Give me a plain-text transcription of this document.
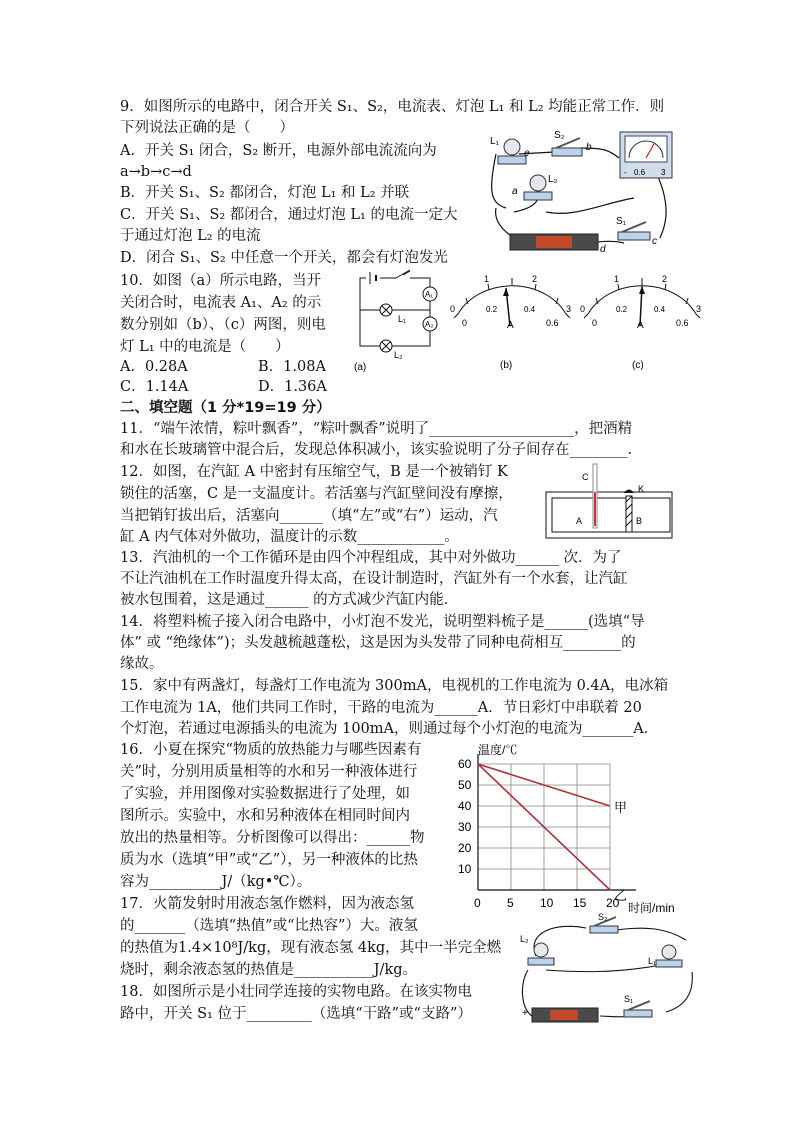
9．如图所示的电路中，闭合开关 S₁、S₂，电流表、灯泡 L₁ 和 L₂ 均能正常工作．则
下列说法正确的是（　　）
A．开关 S₁ 闭合，S₂ 断开，电源外部电流流向为
a→b→c→d
B．开关 S₁、S₂ 都闭合，灯泡 L₁ 和 L₂ 并联
C．开关 S₁、S₂ 都闭合，通过灯泡 L₁ 的电流一定大
于通过灯泡 L₂ 的电流
D．闭合 S₁、S₂ 中任意一个开关，都会有灯泡发光
L₁
e
S₂
b
- 0.6 3
a
L₂
S₁
c
d
10．如图（a）所示电路，当开
关闭合时，电流表 A₁、A₂ 的示
数分别如（b）、（c）两图，则电
灯 L₁ 中的电流是（　　）
A．0.28A	B．1.08A
C．1.14A	D．1.36A
A₁
A₂
L₁
L₂
(a)
0
1	2
3
0
0.2	0.4
0.6
A
(b)
0
1	2
3
0
0.2	0.4
0.6
A
(c)
二、填空题（1 分*19=19 分）
11．“端午浓情，粽叶飘香”，“粽叶飘香”说明了____________________，把酒精
和水在长玻璃管中混合后，发现总体积减小，该实验说明了分子间存在________.
12．如图，在汽缸 A 中密封有压缩空气，B 是一个被销钉 K
锁住的活塞，C 是一支温度计。若活塞与汽缸壁间没有摩擦，
当把销钉拔出后，活塞向______（填“左”或“右”）运动，汽
缸 A 内气体对外做功，温度计的示数____________。
C
K
A	B
13．汽油机的一个工作循环是由四个冲程组成，其中对外做功______ 次．为了
不让汽油机在工作时温度升得太高，在设计制造时，汽缸外有一个水套，让汽缸
被水包围着，这是通过______ 的方式减少汽缸内能．
14．将塑料梳子接入闭合电路中，小灯泡不发光，说明塑料梳子是______(选填“导
体” 或 “绝缘体”)；头发越梳越蓬松，这是因为头发带了同种电荷相互________的
缘故。
15．家中有两盏灯，每盏灯工作电流为 300mA，电视机的工作电流为 0.4A，电冰箱
工作电流为 1A，他们共同工作时，干路的电流为______A．节日彩灯中串联着 20
个灯泡，若通过电源插头的电流为 100mA，则通过每个小灯泡的电流为_______A．
16．小夏在探究“物质的放热能力与哪些因素有
关”时，分别用质量相等的水和另一种液体进行
了实验，并用图像对实验数据进行了处理，如
图所示。实验中，水和另种液体在相同时间内
放出的热量相等。分析图像可以得出：______物
质为水（选填“甲”或“乙”），另一种液体的比热
容为__________J/（kg•℃）。
甲
乙
10
20
30
40
50
60
0 5 10 15 20
温度/℃
时间/min
17．火箭发射时用液态氢作燃料，因为液态氢
的_______（选填“热值”或“比热容”）大。液氢
的热值为1.4×10⁸J/kg，现有液态氢 4kg，其中一半完全燃
烧时，剩余液态氢的热值是___________J/kg。
18．如图所示是小壮同学连接的实物电路。在该实物电
路中，开关 S₁ 位于_________（选填“干路”或“支路”）
S₂
L₂
L₁
S₁
+
